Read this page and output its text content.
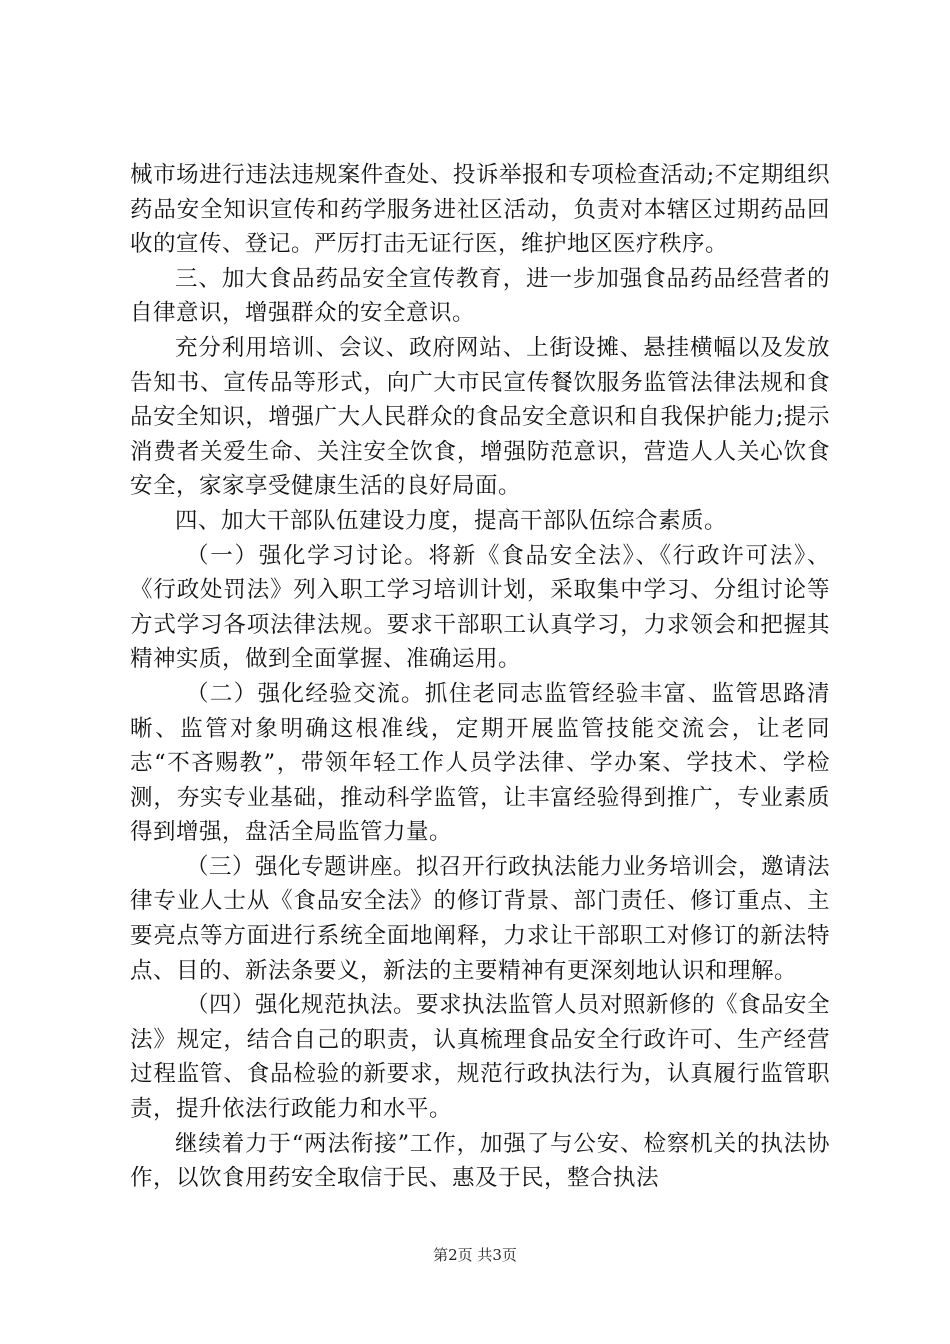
械市场进行违法违规案件查处、投诉举报和专项检查活动;不定期组织药品安全知识宣传和药学服务进社区活动，负责对本辖区过期药品回收的宣传、登记。严厉打击无证行医，维护地区医疗秩序。

三、加大食品药品安全宣传教育，进一步加强食品药品经营者的自律意识，增强群众的安全意识。

充分利用培训、会议、政府网站、上街设摊、悬挂横幅以及发放告知书、宣传品等形式，向广大市民宣传餐饮服务监管法律法规和食品安全知识，增强广大人民群众的食品安全意识和自我保护能力;提示消费者关爱生命、关注安全饮食，增强防范意识，营造人人关心饮食安全，家家享受健康生活的良好局面。

四、加大干部队伍建设力度，提高干部队伍综合素质。

（一）强化学习讨论。将新《食品安全法》、《行政许可法》、《行政处罚法》列入职工学习培训计划，采取集中学习、分组讨论等方式学习各项法律法规。要求干部职工认真学习，力求领会和把握其精神实质，做到全面掌握、准确运用。

（二）强化经验交流。抓住老同志监管经验丰富、监管思路清晰、监管对象明确这根准线，定期开展监管技能交流会，让老同志“不吝赐教”，带领年轻工作人员学法律、学办案、学技术、学检测，夯实专业基础，推动科学监管，让丰富经验得到推广，专业素质得到增强，盘活全局监管力量。

（三）强化专题讲座。拟召开行政执法能力业务培训会，邀请法律专业人士从《食品安全法》的修订背景、部门责任、修订重点、主要亮点等方面进行系统全面地阐释，力求让干部职工对修订的新法特点、目的、新法条要义，新法的主要精神有更深刻地认识和理解。

（四）强化规范执法。要求执法监管人员对照新修的《食品安全法》规定，结合自己的职责，认真梳理食品安全行政许可、生产经营过程监管、食品检验的新要求，规范行政执法行为，认真履行监管职责，提升依法行政能力和水平。

继续着力于“两法衔接”工作，加强了与公安、检察机关的执法协作，以饮食用药安全取信于民、惠及于民，整合执法

第2页 共3页
